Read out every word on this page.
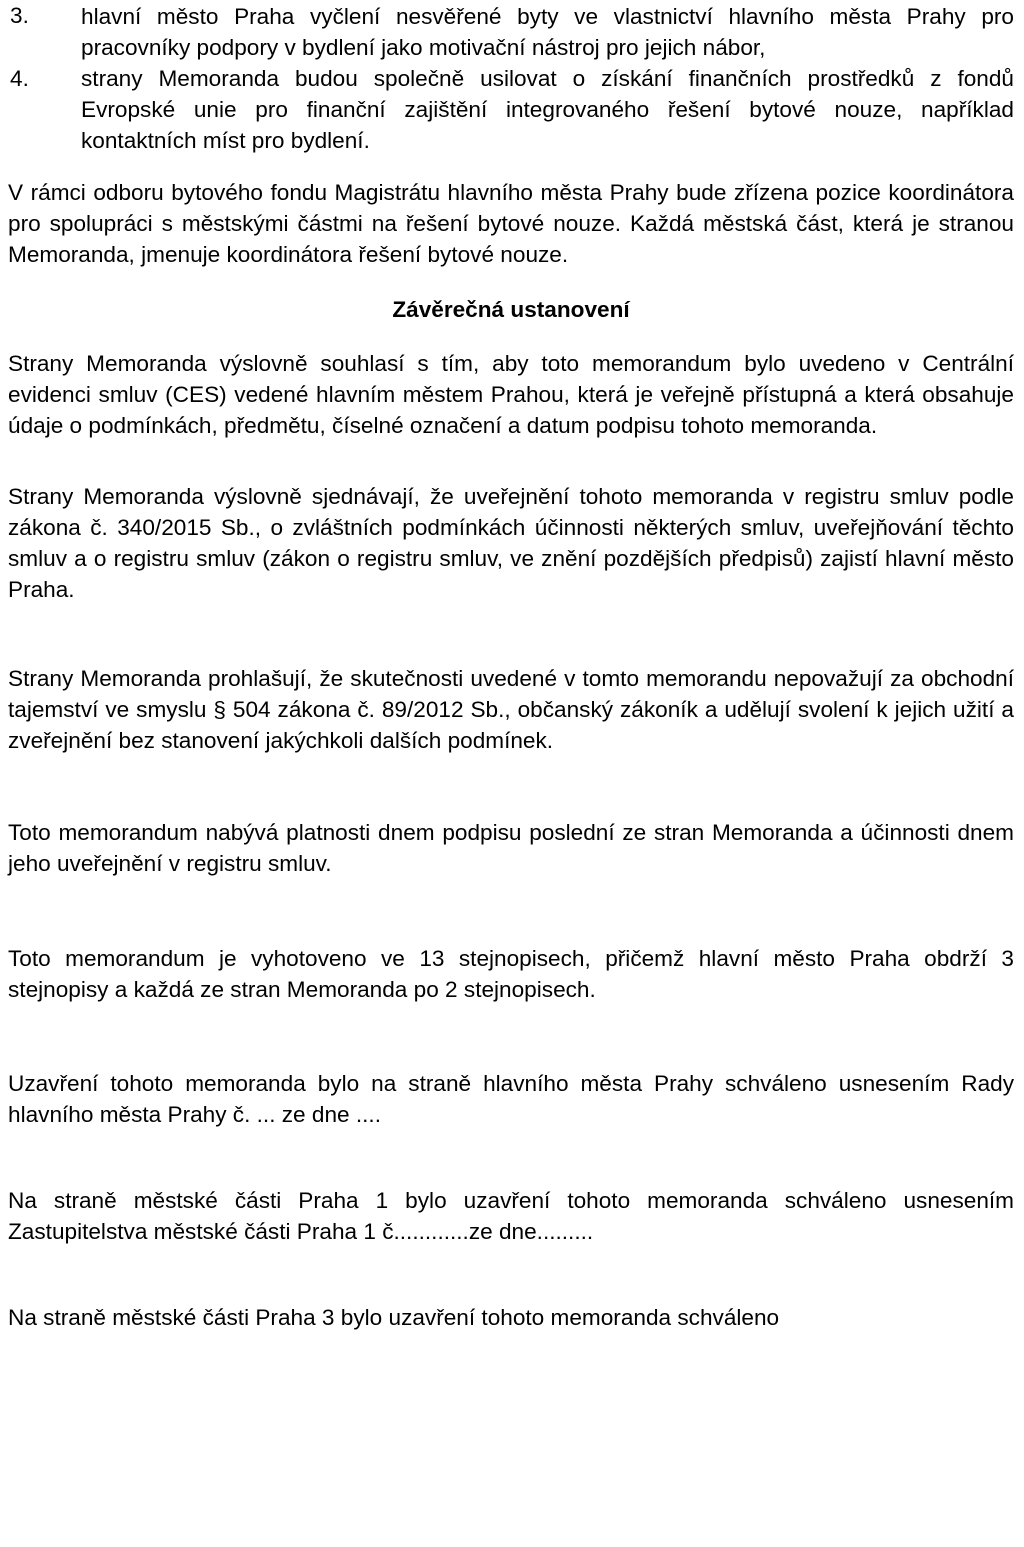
3. hlavní město Praha vyčlení nesvěřené byty ve vlastnictví hlavního města Prahy pro pracovníky podpory v bydlení jako motivační nástroj pro jejich nábor,
4. strany Memoranda budou společně usilovat o získání finančních prostředků z fondů Evropské unie pro finanční zajištění integrovaného řešení bytové nouze, například kontaktních míst pro bydlení.

V rámci odboru bytového fondu Magistrátu hlavního města Prahy bude zřízena pozice koordinátora pro spolupráci s městskými částmi na řešení bytové nouze. Každá městská část, která je stranou Memoranda, jmenuje koordinátora řešení bytové nouze.

Závěrečná ustanovení

Strany Memoranda výslovně souhlasí s tím, aby toto memorandum bylo uvedeno v Centrální evidenci smluv (CES) vedené hlavním městem Prahou, která je veřejně přístupná a která obsahuje údaje o podmínkách, předmětu, číselné označení a datum podpisu tohoto memoranda.

Strany Memoranda výslovně sjednávají, že uveřejnění tohoto memoranda v registru smluv podle zákona č. 340/2015 Sb., o zvláštních podmínkách účinnosti některých smluv, uveřejňování těchto smluv a o registru smluv (zákon o registru smluv, ve znění pozdějších předpisů) zajistí hlavní město Praha.

Strany Memoranda prohlašují, že skutečnosti uvedené v tomto memorandu nepovažují za obchodní tajemství ve smyslu § 504 zákona č. 89/2012 Sb., občanský zákoník a udělují svolení k jejich užití a zveřejnění bez stanovení jakýchkoli dalších podmínek.

Toto memorandum nabývá platnosti dnem podpisu poslední ze stran Memoranda a účinnosti dnem jeho uveřejnění v registru smluv.

Toto memorandum je vyhotoveno ve 13 stejnopisech, přičemž hlavní město Praha obdrží 3 stejnopisy a každá ze stran Memoranda po 2 stejnopisech.

Uzavření tohoto memoranda bylo na straně hlavního města Prahy schváleno usnesením Rady hlavního města Prahy č. ... ze dne ....

Na straně městské části Praha 1 bylo uzavření tohoto memoranda schváleno usnesením Zastupitelstva městské části Praha 1 č............ze dne.........

Na straně městské části Praha 3 bylo uzavření tohoto memoranda schváleno
